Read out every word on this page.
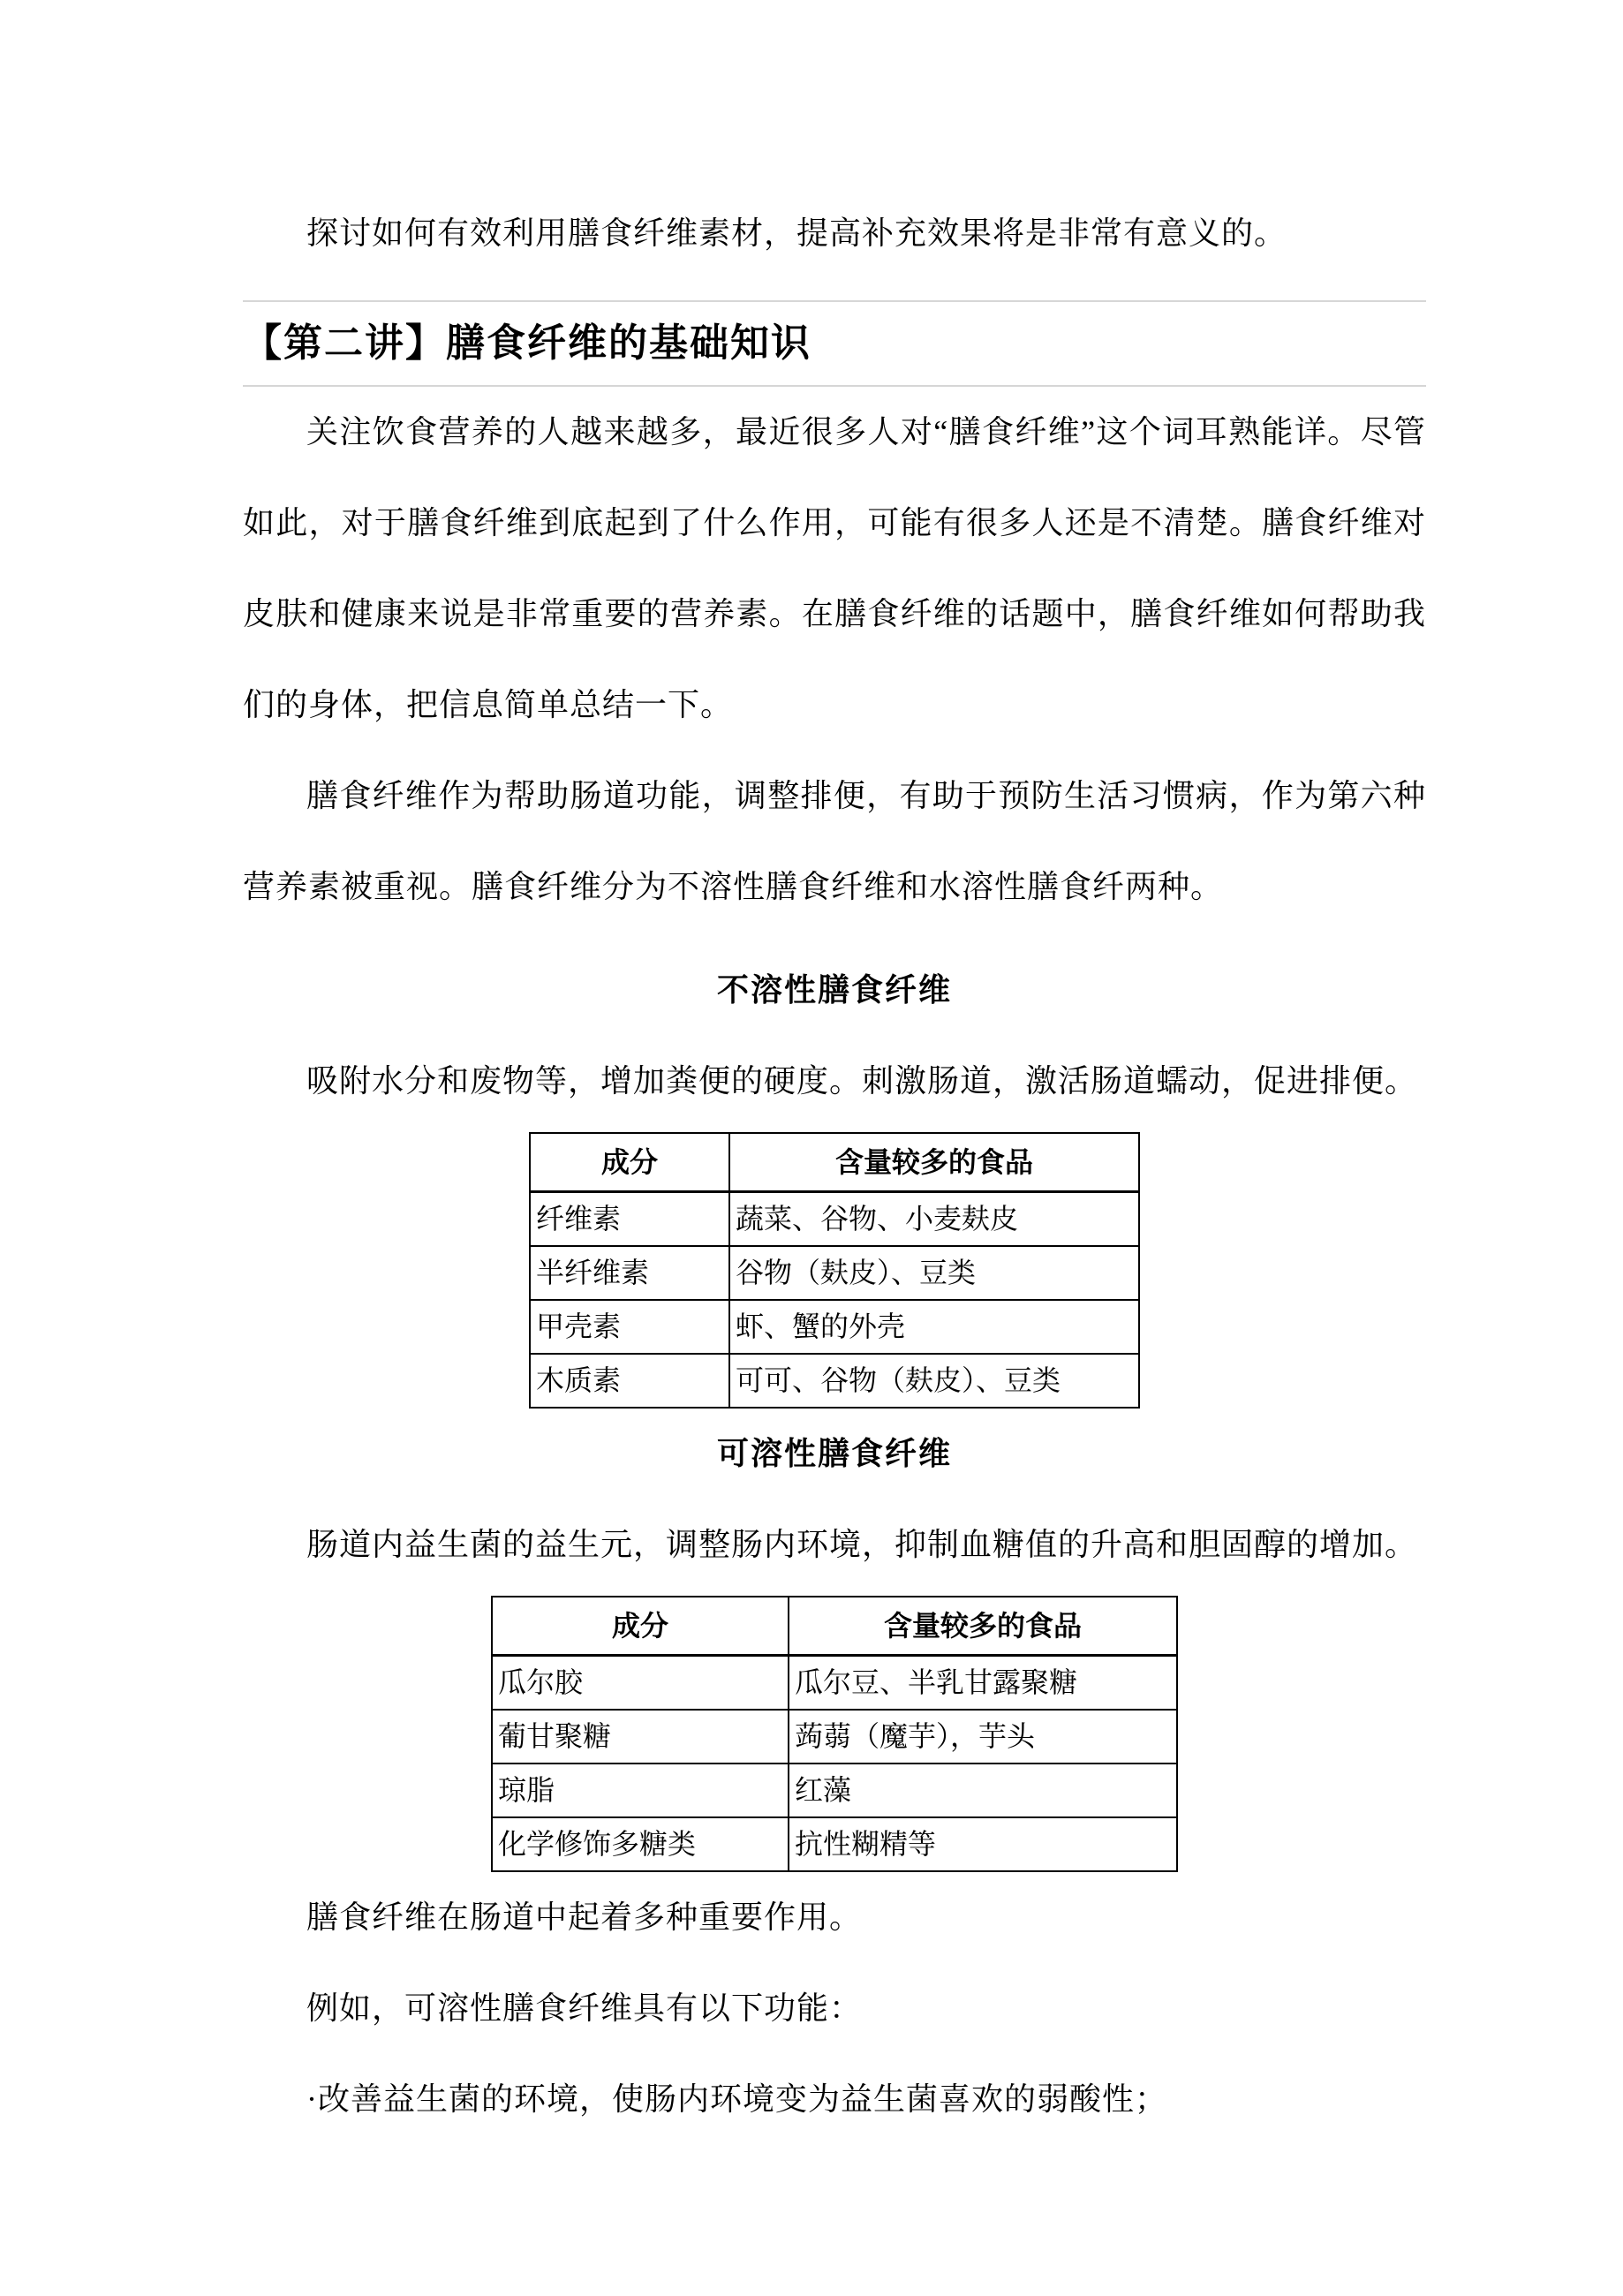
探讨如何有效利用膳食纤维素材，提高补充效果将是非常有意义的。

【第二讲】膳食纤维的基础知识

关注饮食营养的人越来越多，最近很多人对“膳食纤维”这个词耳熟能详。尽管如此，对于膳食纤维到底起到了什么作用，可能有很多人还是不清楚。膳食纤维对皮肤和健康来说是非常重要的营养素。在膳食纤维的话题中，膳食纤维如何帮助我们的身体，把信息简单总结一下。

膳食纤维作为帮助肠道功能，调整排便，有助于预防生活习惯病，作为第六种营养素被重视。膳食纤维分为不溶性膳食纤维和水溶性膳食纤两种。

不溶性膳食纤维

吸附水分和废物等，增加粪便的硬度。刺激肠道，激活肠道蠕动，促进排便。

成分	含量较多的食品
纤维素	蔬菜、谷物、小麦麸皮
半纤维素	谷物（麸皮）、豆类
甲壳素	虾、蟹的外壳
木质素	可可、谷物（麸皮）、豆类

可溶性膳食纤维

肠道内益生菌的益生元，调整肠内环境，抑制血糖值的升高和胆固醇的增加。

成分	含量较多的食品
瓜尔胶	瓜尔豆、半乳甘露聚糖
葡甘聚糖	蒟蒻（魔芋），芋头
琼脂	红藻
化学修饰多糖类	抗性糊精等

膳食纤维在肠道中起着多种重要作用。

例如，可溶性膳食纤维具有以下功能：

·改善益生菌的环境，使肠内环境变为益生菌喜欢的弱酸性；
